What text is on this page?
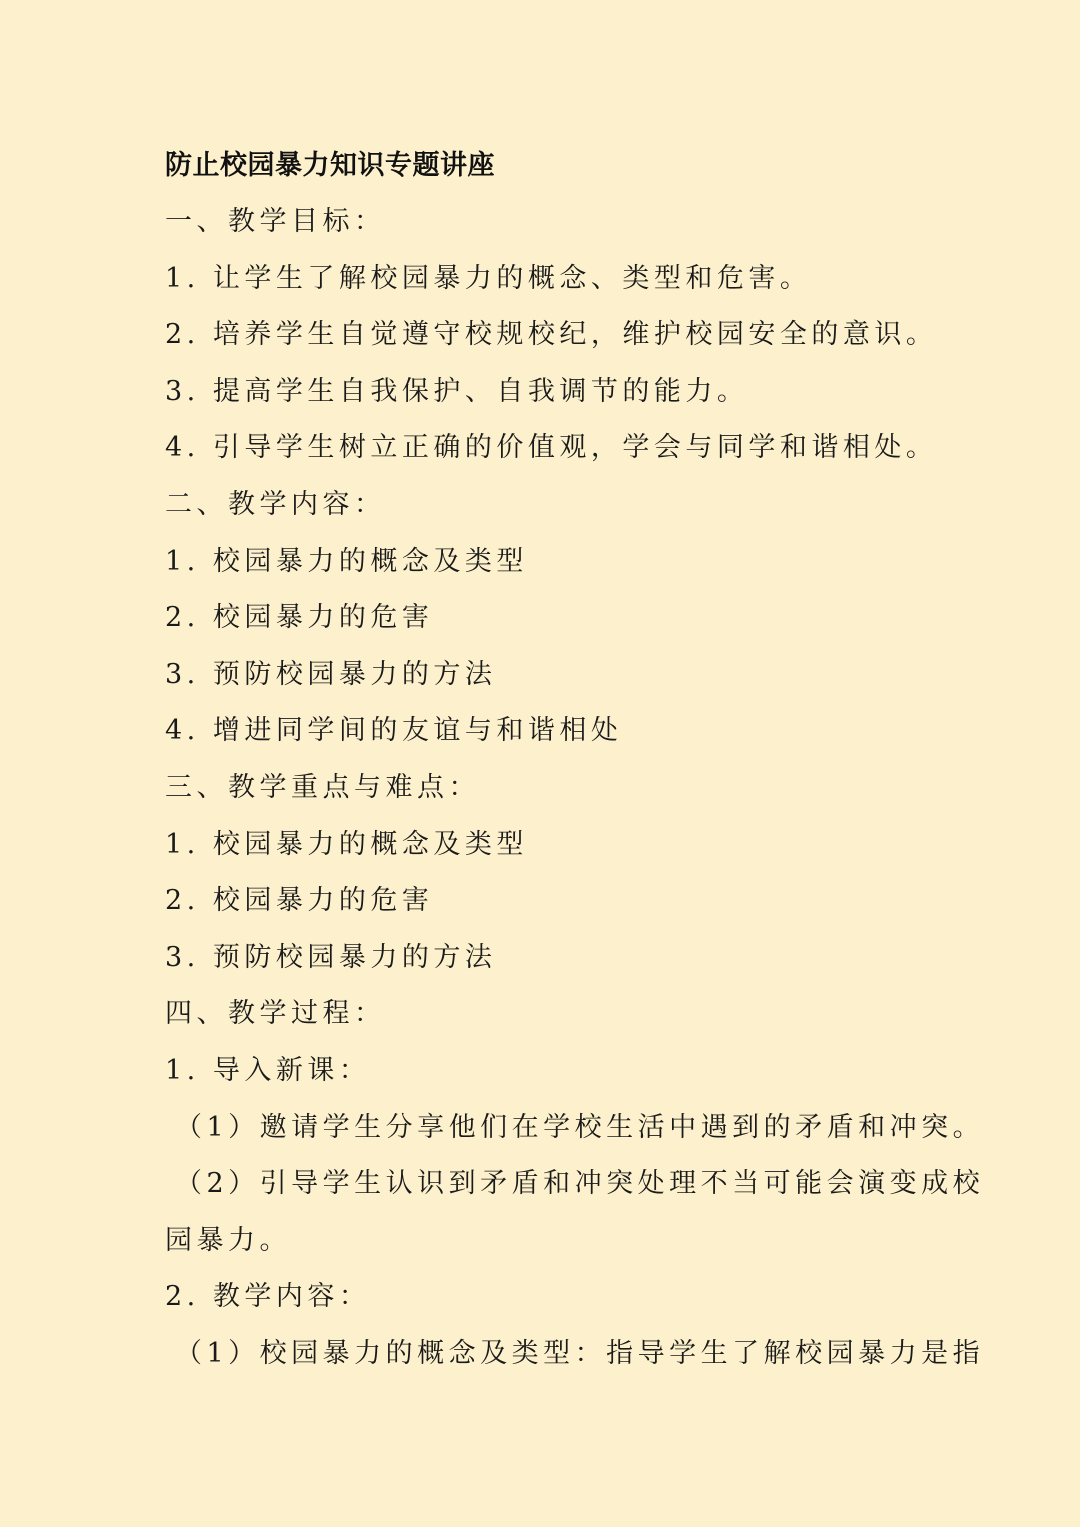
防止校园暴力知识专题讲座
一、教学目标：
1. 让学生了解校园暴力的概念、类型和危害。
2. 培养学生自觉遵守校规校纪，维护校园安全的意识。
3. 提高学生自我保护、自我调节的能力。
4. 引导学生树立正确的价值观，学会与同学和谐相处。
二、教学内容：
1. 校园暴力的概念及类型
2. 校园暴力的危害
3. 预防校园暴力的方法
4. 增进同学间的友谊与和谐相处
三、教学重点与难点：
1. 校园暴力的概念及类型
2. 校园暴力的危害
3. 预防校园暴力的方法
四、教学过程：
1. 导入新课：
（1）邀请学生分享他们在学校生活中遇到的矛盾和冲突。
（2）引导学生认识到矛盾和冲突处理不当可能会演变成校
园暴力。
2. 教学内容：
（1）校园暴力的概念及类型：指导学生了解校园暴力是指
